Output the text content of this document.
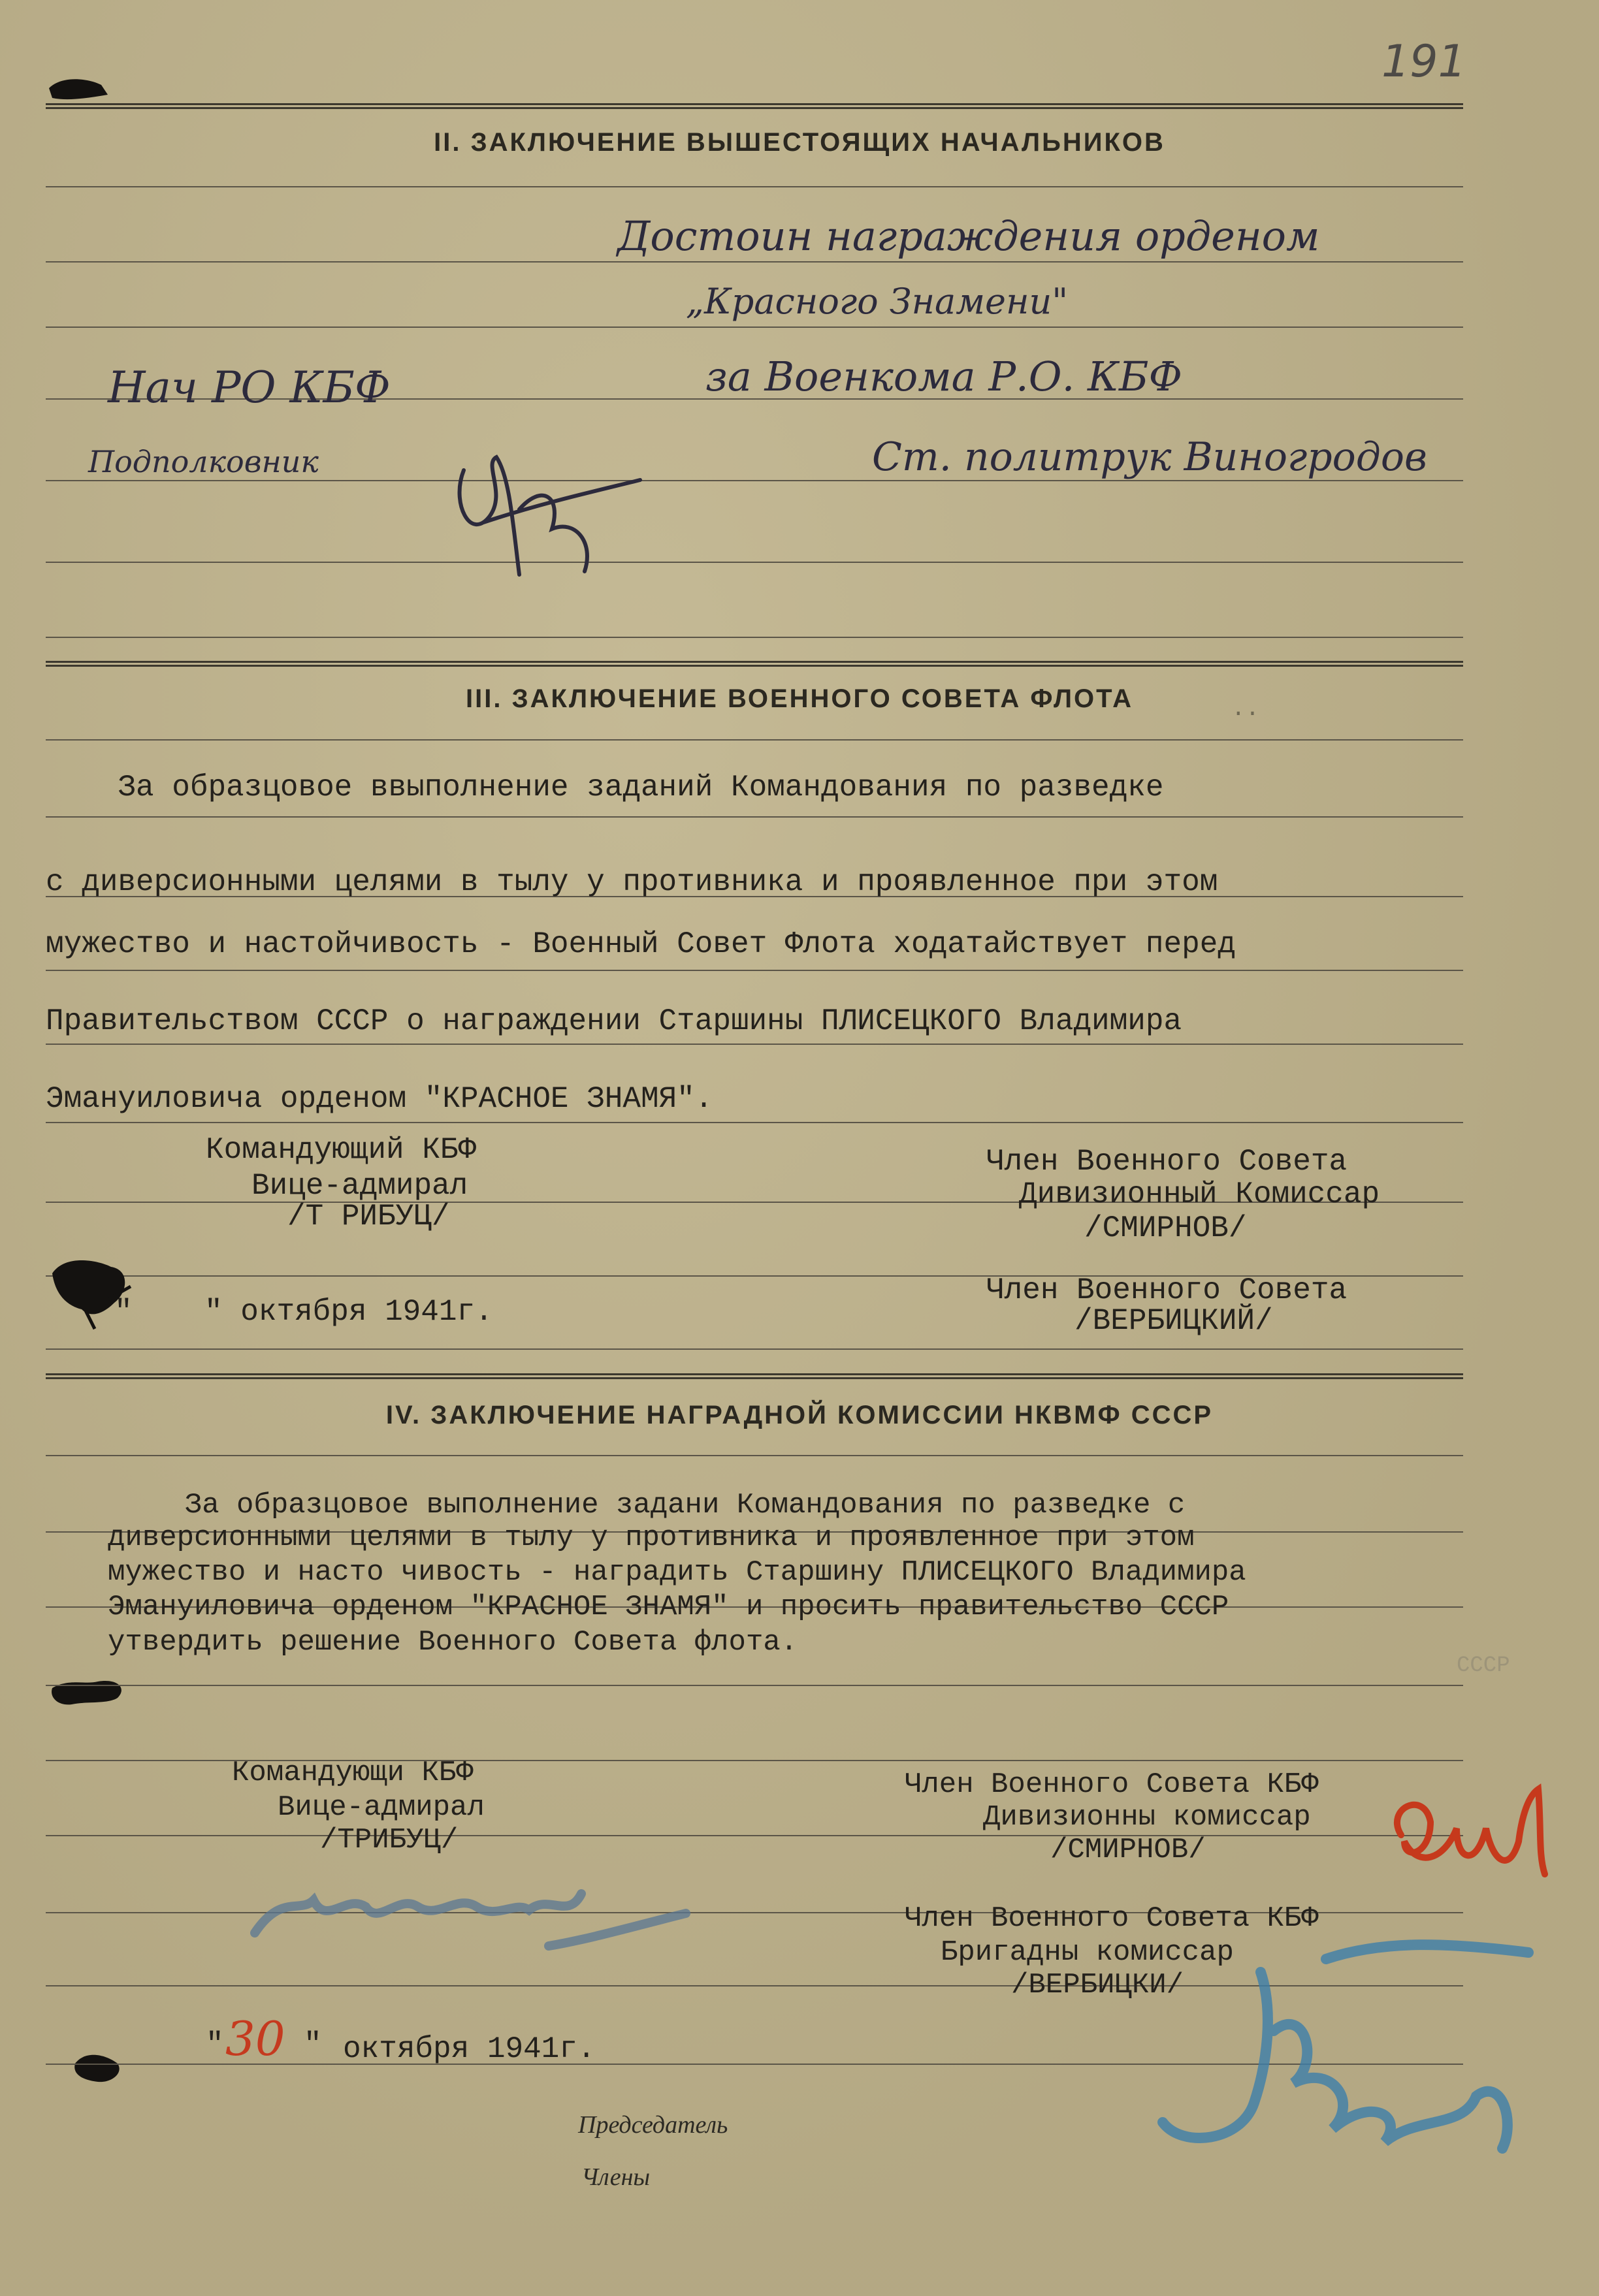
191
II. ЗАКЛЮЧЕНИЕ ВЫШЕСТОЯЩИХ НАЧАЛЬНИКОВ
Достоин награждения орденом
„Красного Знамени"
за Военкома Р.О. КБФ
Нач РО КБФ
Подполковник	Ст. политрук Виногродов
III. ЗАКЛЮЧЕНИЕ ВОЕННОГО СОВЕТА ФЛОТА
За образцовое ввыполнение заданий Командования по разведке
с диверсионными целями в тылу у противника и проявленное при этом
мужество и настойчивость - Военный Совет Флота ходатайствует перед
Правительством СССР о награждении Старшины ПЛИСЕЦКОГО Владимира
Эмануиловича орденом "КРАСНОЕ ЗНАМЯ".
Командующий КБФ
Вице-адмирал
/Т РИБУЦ/
Член Военного Совета
Дивизионный Комиссар
/СМИРНОВ/
Член Военного Совета
/ВЕРБИЦКИЙ/
"    " октября 1941г.
IV. ЗАКЛЮЧЕНИЕ НАГРАДНОЙ КОМИССИИ НКВМФ СССР
За образцовое выполнение задани Командования по разведке с
диверсионными целями в тылу у противника и проявленное при этом
мужество и насто чивость - наградить Старшину ПЛИСЕЦКОГО Владимира
Эмануиловича орденом "КРАСНОЕ ЗНАМЯ" и просить правительство СССР
утвердить решение Военного Совета флота.
СССР
Командующи КБФ
Вице-адмирал
/ТРИБУЦ/
Член Военного Совета КБФ
Дивизионны комиссар
/СМИРНОВ/
Член Военного Совета КБФ
Бригадны комиссар
/ВЕРБИЦКИ/
" 30 " октября 1941г.
Председатель
Члены
..
